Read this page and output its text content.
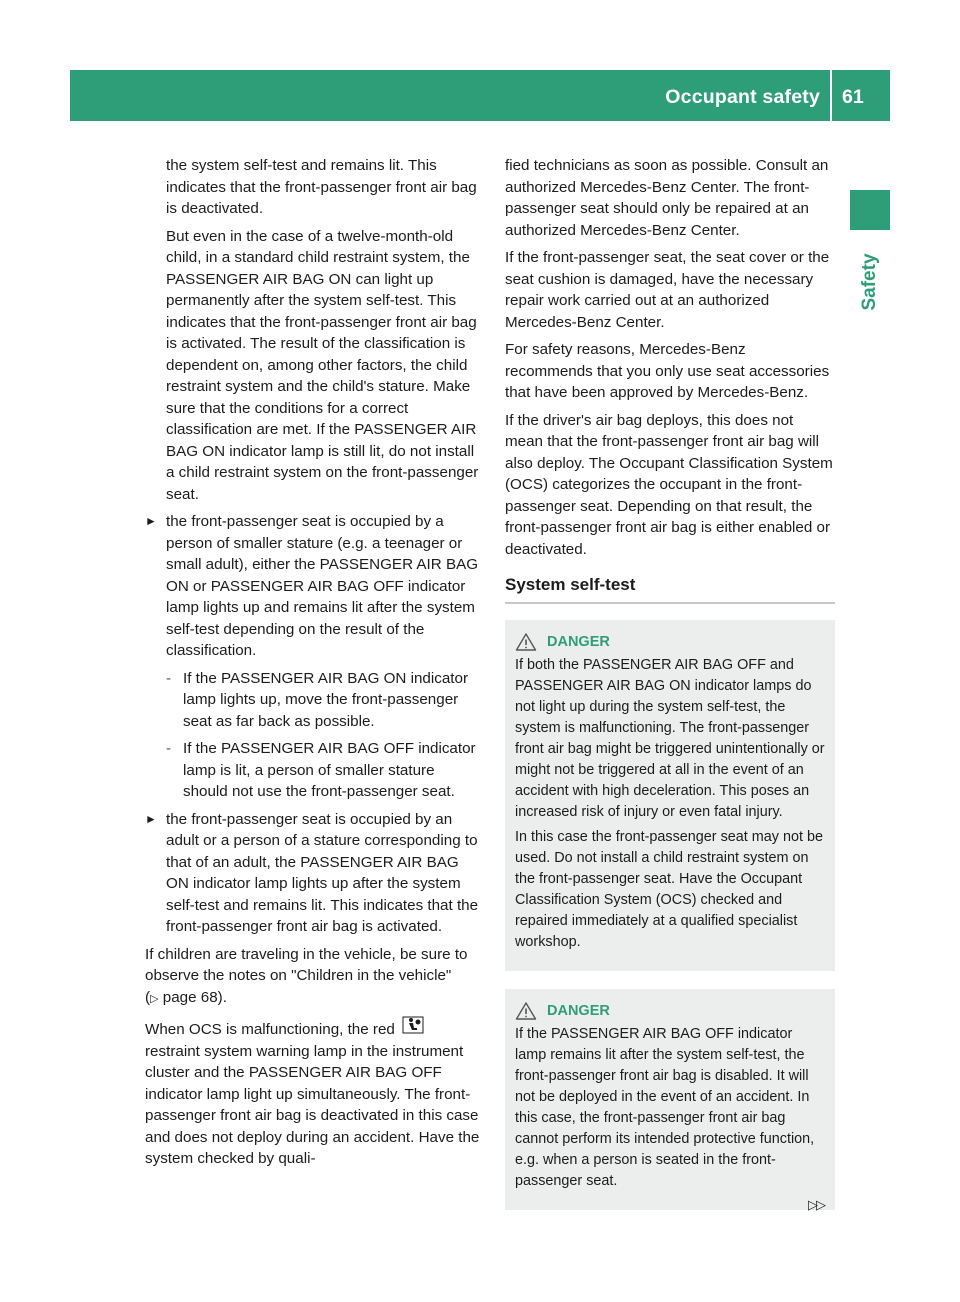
Occupant safety 61
Safety

the system self-test and remains lit. This indicates that the front-passenger front air bag is deactivated.

But even in the case of a twelve-month-old child, in a standard child restraint system, the PASSENGER AIR BAG ON can light up permanently after the system self-test. This indicates that the front-passenger front air bag is activated. The result of the classification is dependent on, among other factors, the child restraint system and the child's stature. Make sure that the conditions for a correct classification are met. If the PASSENGER AIR BAG ON indicator lamp is still lit, do not install a child restraint system on the front-passenger seat.

► the front-passenger seat is occupied by a person of smaller stature (e.g. a teenager or small adult), either the PASSENGER AIR BAG ON or PASSENGER AIR BAG OFF indicator lamp lights up and remains lit after the system self-test depending on the result of the classification.
- If the PASSENGER AIR BAG ON indicator lamp lights up, move the front-passenger seat as far back as possible.
- If the PASSENGER AIR BAG OFF indicator lamp is lit, a person of smaller stature should not use the front-passenger seat.
► the front-passenger seat is occupied by an adult or a person of a stature corresponding to that of an adult, the PASSENGER AIR BAG ON indicator lamp lights up after the system self-test and remains lit. This indicates that the front-passenger front air bag is activated.

If children are traveling in the vehicle, be sure to observe the notes on "Children in the vehicle" (▷ page 68).

When OCS is malfunctioning, the red  restraint system warning lamp in the instrument cluster and the PASSENGER AIR BAG OFF indicator lamp light up simultaneously. The front-passenger front air bag is deactivated in this case and does not deploy during an accident. Have the system checked by quali-

fied technicians as soon as possible. Consult an authorized Mercedes-Benz Center. The front-passenger seat should only be repaired at an authorized Mercedes-Benz Center.

If the front-passenger seat, the seat cover or the seat cushion is damaged, have the necessary repair work carried out at an authorized Mercedes-Benz Center.

For safety reasons, Mercedes-Benz recommends that you only use seat accessories that have been approved by Mercedes-Benz.

If the driver's air bag deploys, this does not mean that the front-passenger front air bag will also deploy. The Occupant Classification System (OCS) categorizes the occupant in the front-passenger seat. Depending on that result, the front-passenger front air bag is either enabled or deactivated.

System self-test
DANGER

If both the PASSENGER AIR BAG OFF and PASSENGER AIR BAG ON indicator lamps do not light up during the system self-test, the system is malfunctioning. The front-passenger front air bag might be triggered unintentionally or might not be triggered at all in the event of an accident with high deceleration. This poses an increased risk of injury or even fatal injury.

In this case the front-passenger seat may not be used. Do not install a child restraint system on the front-passenger seat. Have the Occupant Classification System (OCS) checked and repaired immediately at a qualified specialist workshop.

DANGER

If the PASSENGER AIR BAG OFF indicator lamp remains lit after the system self-test, the front-passenger front air bag is disabled. It will not be deployed in the event of an accident. In this case, the front-passenger front air bag cannot perform its intended protective function, e.g. when a person is seated in the front-passenger seat.

▷▷
